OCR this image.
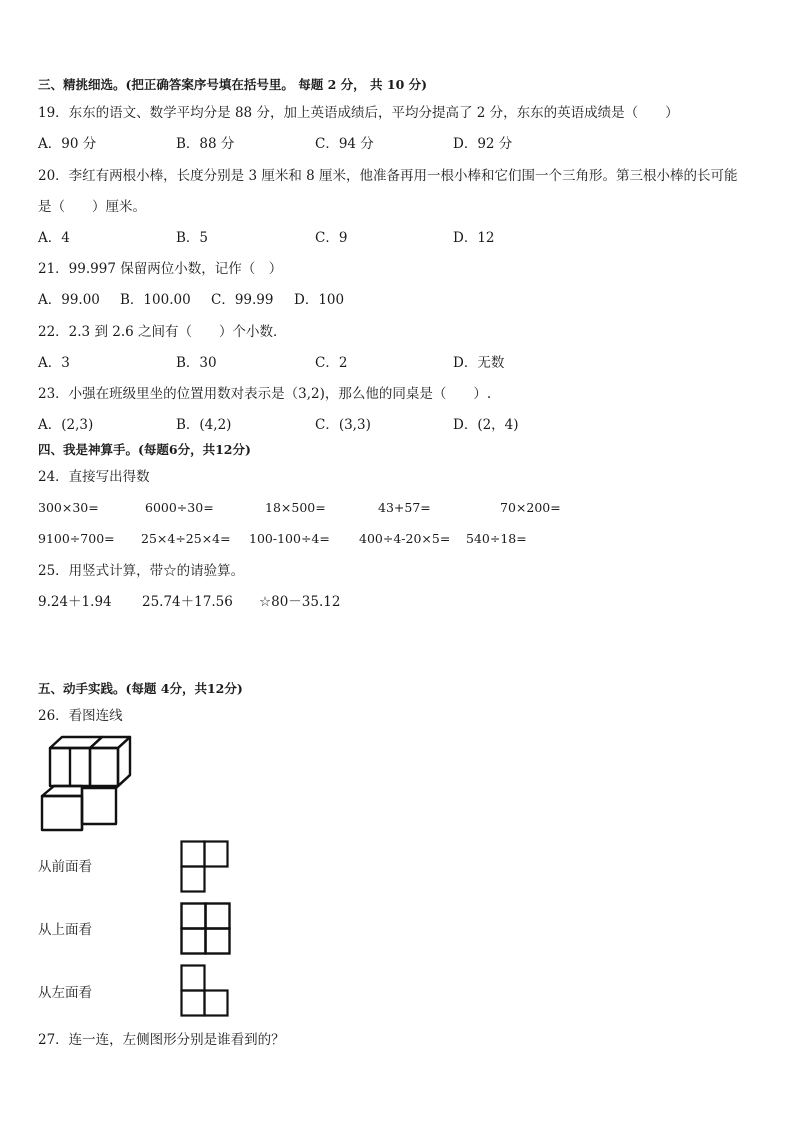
三、精挑细选。(把正确答案序号填在括号里。 每题 2 分， 共 10 分)
19．东东的语文、数学平均分是 88 分，加上英语成绩后，平均分提高了 2 分，东东的英语成绩是（　　）
A．90 分	B．88 分	C．94 分	D．92 分
20．李红有两根小棒，长度分别是 3 厘米和 8 厘米，他准备再用一根小棒和它们围一个三角形。第三根小棒的长可能
是（　　）厘米。
A．4	B．5	C．9	D．12
21．99.997 保留两位小数，记作（　）
A．99.00 B．100.00 C．99.99 D．100
22．2.3 到 2.6 之间有（　　）个小数．
A．3	B．30	C．2	D．无数
23．小强在班级里坐的位置用数对表示是（3,2)，那么他的同桌是（　　）.
A．(2,3)	B．(4,2)	C．(3,3)	D．(2，4)
四、我是神算手。(每题6分，共12分)
24．直接写出得数
300×30=	6000÷30=	18×500=	43+57=	70×200=
9100÷700= 25×4÷25×4= 100-100÷4= 400÷4-20×5= 540÷18=
25．用竖式计算，带☆的请验算。
9.24＋1.94 25.74＋17.56 ☆80－35.12
五、动手实践。(每题 4分，共12分)
26．看图连线
从前面看
从上面看
从左面看
27．连一连，左侧图形分别是谁看到的？
